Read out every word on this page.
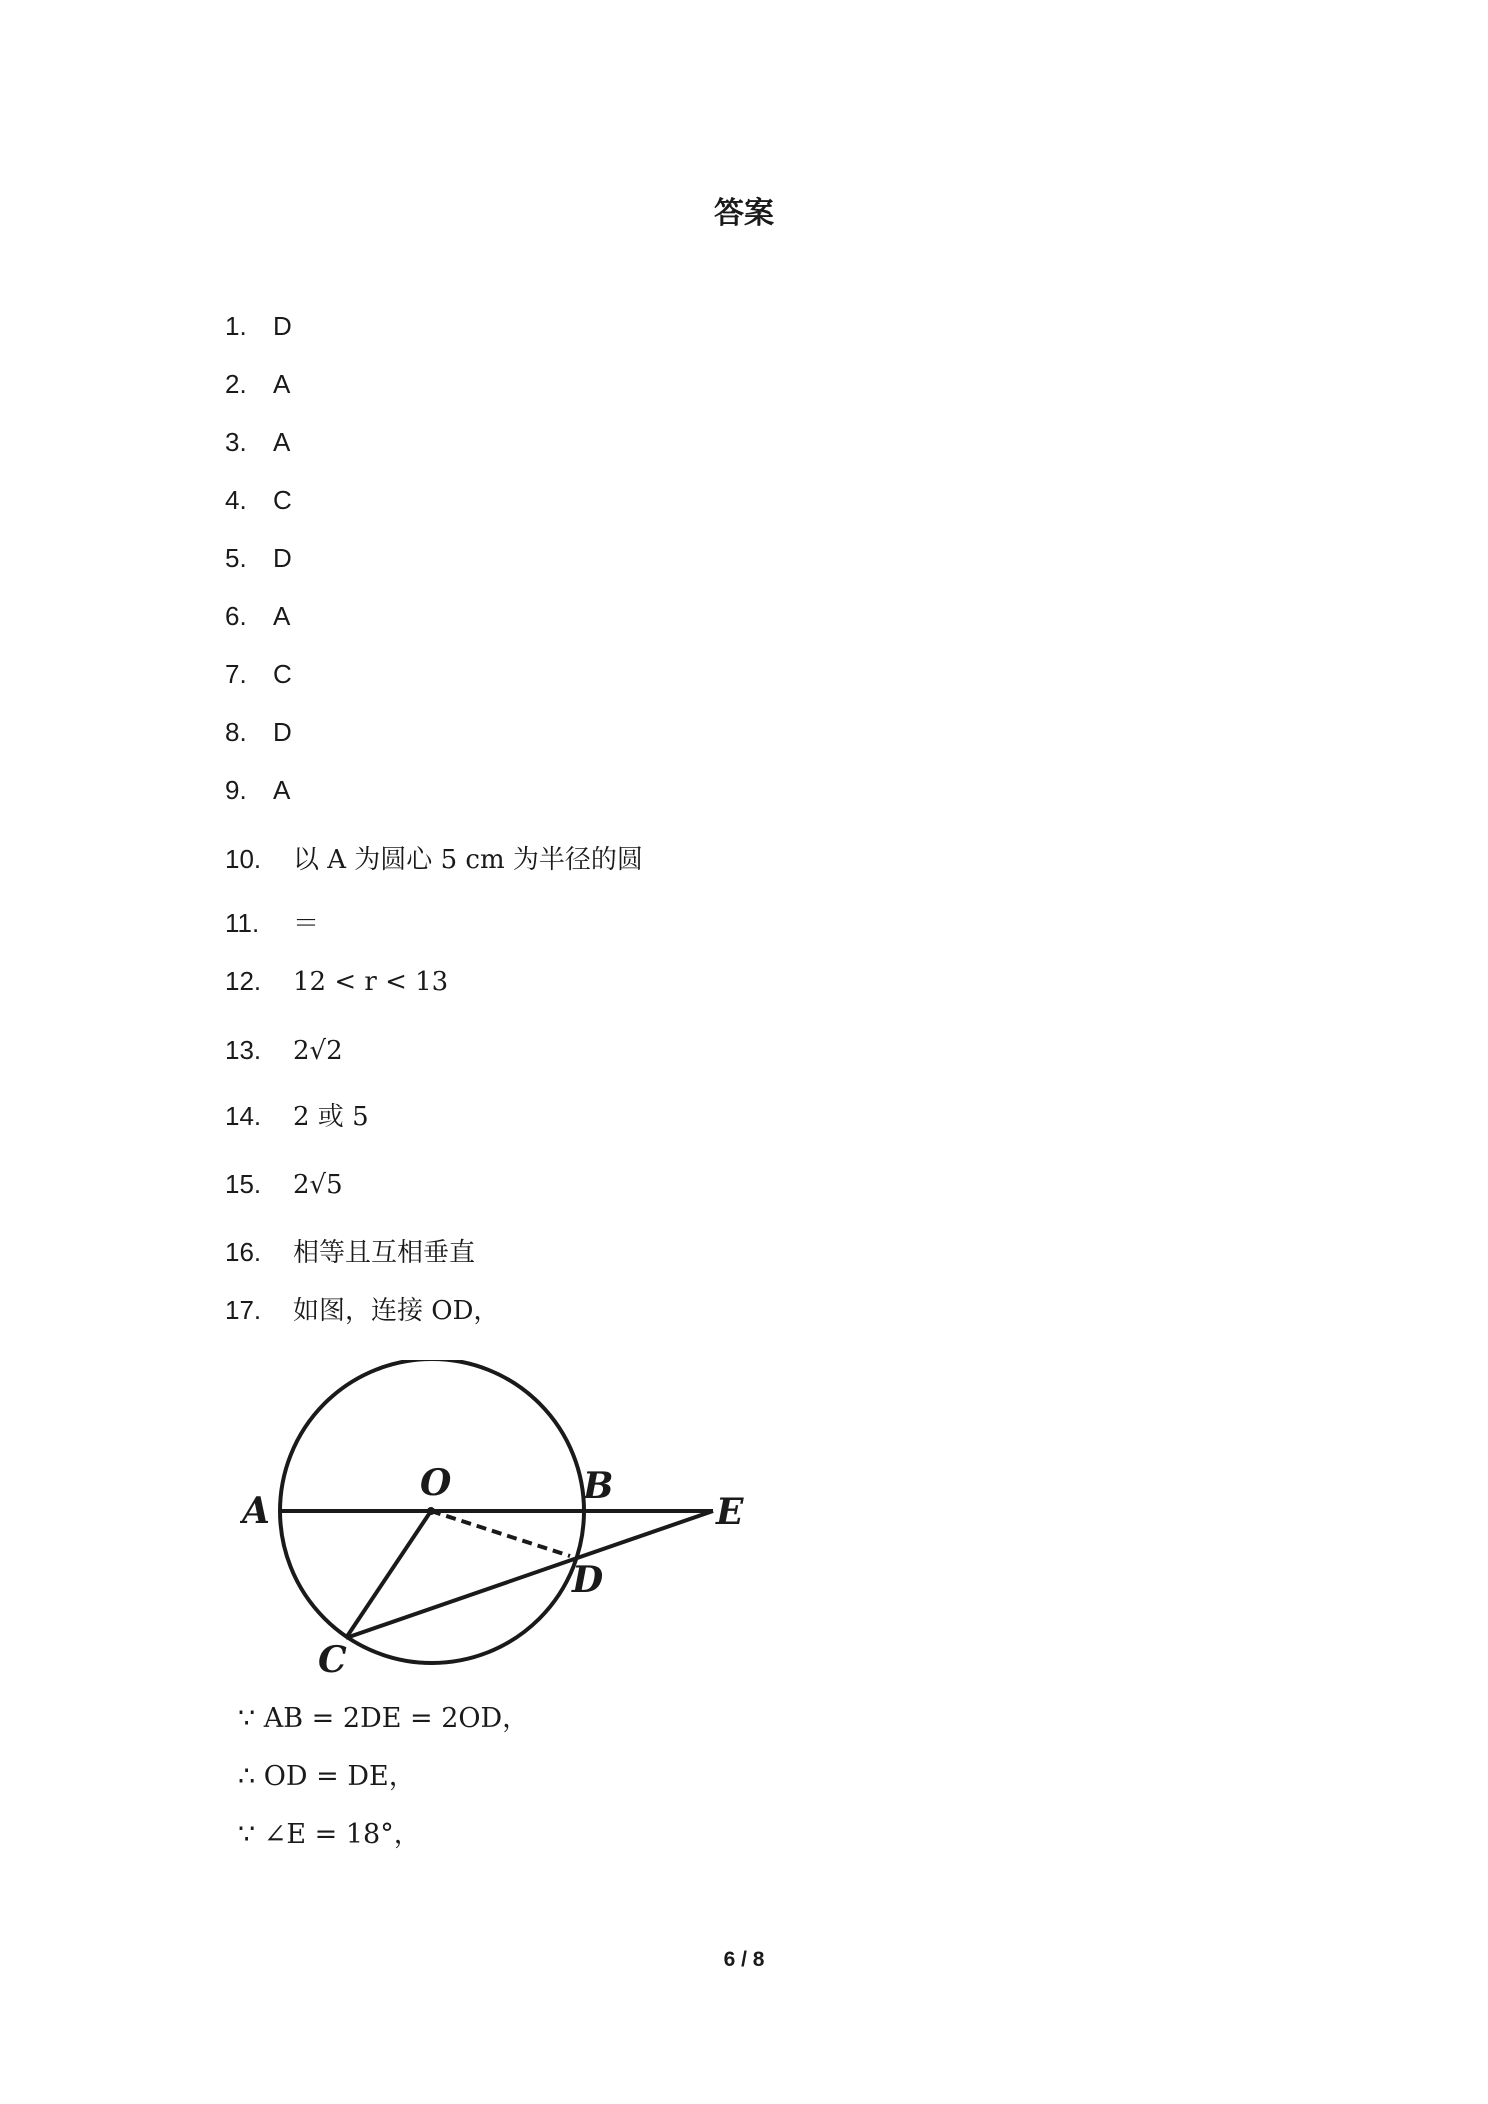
答案
1. D
2. A
3. A
4. C
5. D
6. A
7. C
8. D
9. A
10. 以 A 为圆心 5 cm 为半径的圆
11. ＝
12. 12 < r < 13
13. 2√2
14. 2 或 5
15. 2√5
16. 相等且互相垂直
17. 如图，连接 OD，
A
O	B
E
D
C
∵ AB = 2DE = 2OD，
∴ OD = DE，
∵ ∠E = 18°，
6 / 8
